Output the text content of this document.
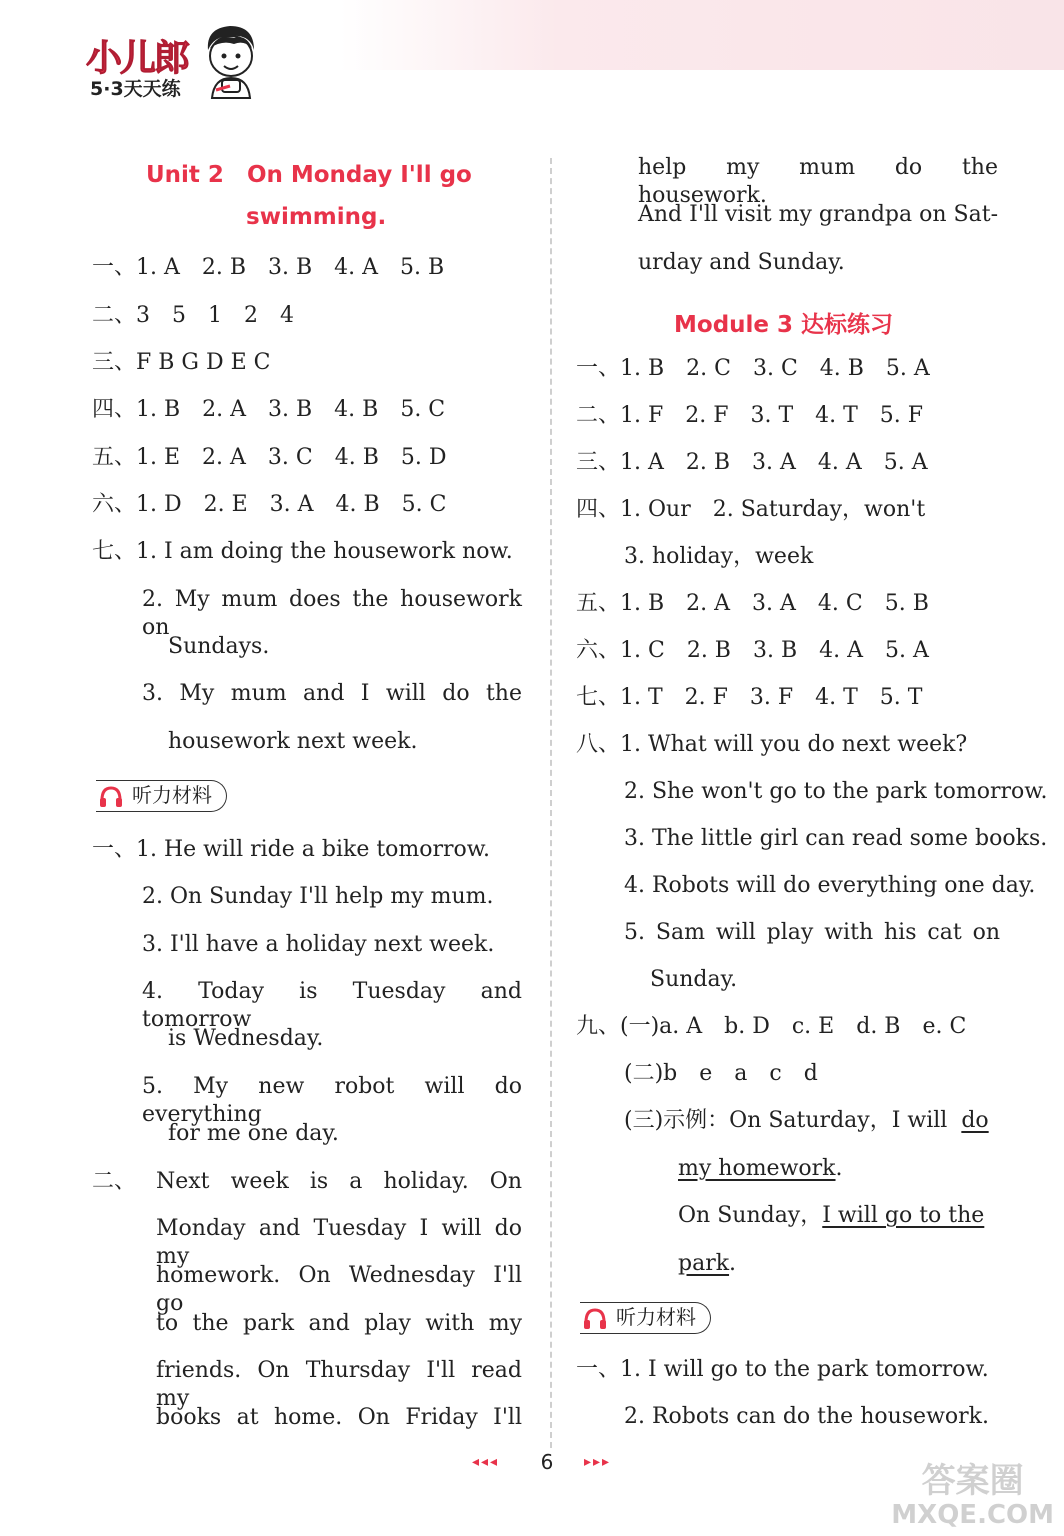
小儿郎
5·3天天练
Unit 2　On Monday I'll go
swimming.
一、1. A　2. B　3. B　4. A　5. B
二、3　5　1　2　4
三、F B G D E C
四、1. B　2. A　3. B　4. B　5. C
五、1. E　2. A　3. C　4. B　5. D
六、1. D　2. E　3. A　4. B　5. C
七、1. I am doing the housework now.
2. My mum does the housework on
Sundays.
3. My mum and I will do the
housework next week.
听力材料
一、1. He will ride a bike tomorrow.
2. On Sunday I'll help my mum.
3. I'll have a holiday next week.
4. Today is Tuesday and tomorrow
is Wednesday.
5. My new robot will do everything
for me one day.
二、 Next week is a holiday. On
Monday and Tuesday I will do my
homework. On Wednesday I'll go
to the park and play with my
friends. On Thursday I'll read my
books at home. On Friday I'll
help my mum do the housework.
And I'll visit my grandpa on Sat-
urday and Sunday.
Module 3 达标练习
一、1. B　2. C　3. C　4. B　5. A
二、1. F　2. F　3. T　4. T　5. F
三、1. A　2. B　3. A　4. A　5. A
四、1. Our　2. Saturday，won't
3. holiday，week
五、1. B　2. A　3. A　4. C　5. B
六、1. C　2. B　3. B　4. A　5. A
七、1. T　2. F　3. F　4. T　5. T
八、1. What will you do next week?
2. She won't go to the park tomorrow.
3. The little girl can read some books.
4. Robots will do everything one day.
5. Sam will play with his cat on
Sunday.
九、(一)a. A　b. D　c. E　d. B　e. C
(二)b　e　a　c　d
(三)示例：On Saturday，I will do
my homework.
On Sunday，I will go to the
park.
听力材料
一、1. I will go to the park tomorrow.
2. Robots can do the housework.
◂◂◂	6	▸▸▸	答案圈
MXQE.COM
